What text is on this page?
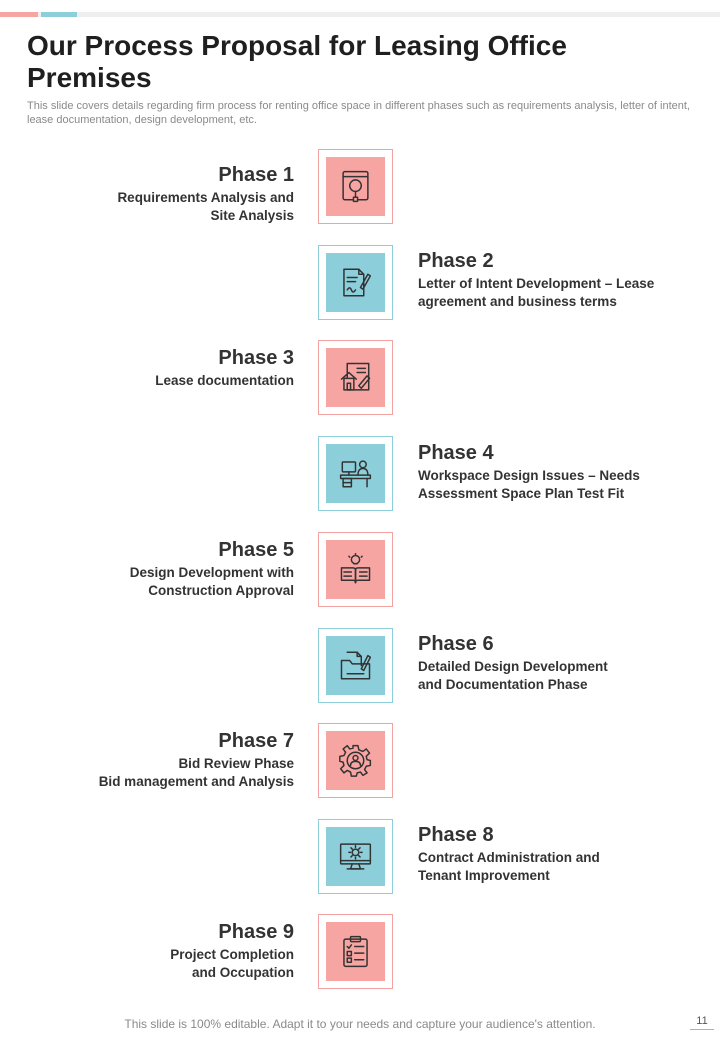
Our Process Proposal for Leasing Office Premises

This slide covers details regarding firm process for renting office space in different phases such as requirements analysis, letter of intent, lease documentation, design development, etc.

Phase 1
Requirements Analysis and
Site Analysis
Phase 2
Letter of Intent Development – Lease
agreement and business terms
Phase 3
Lease documentation
Phase 4
Workspace Design Issues – Needs
Assessment Space Plan Test Fit
Phase 5
Design Development with
Construction Approval
Phase 6
Detailed Design Development
and Documentation Phase
Phase 7
Bid Review Phase
Bid management and Analysis
Phase 8
Contract Administration and
Tenant Improvement
Phase 9
Project Completion
and Occupation

This slide is 100% editable. Adapt it to your needs and capture your audience's attention.	11
